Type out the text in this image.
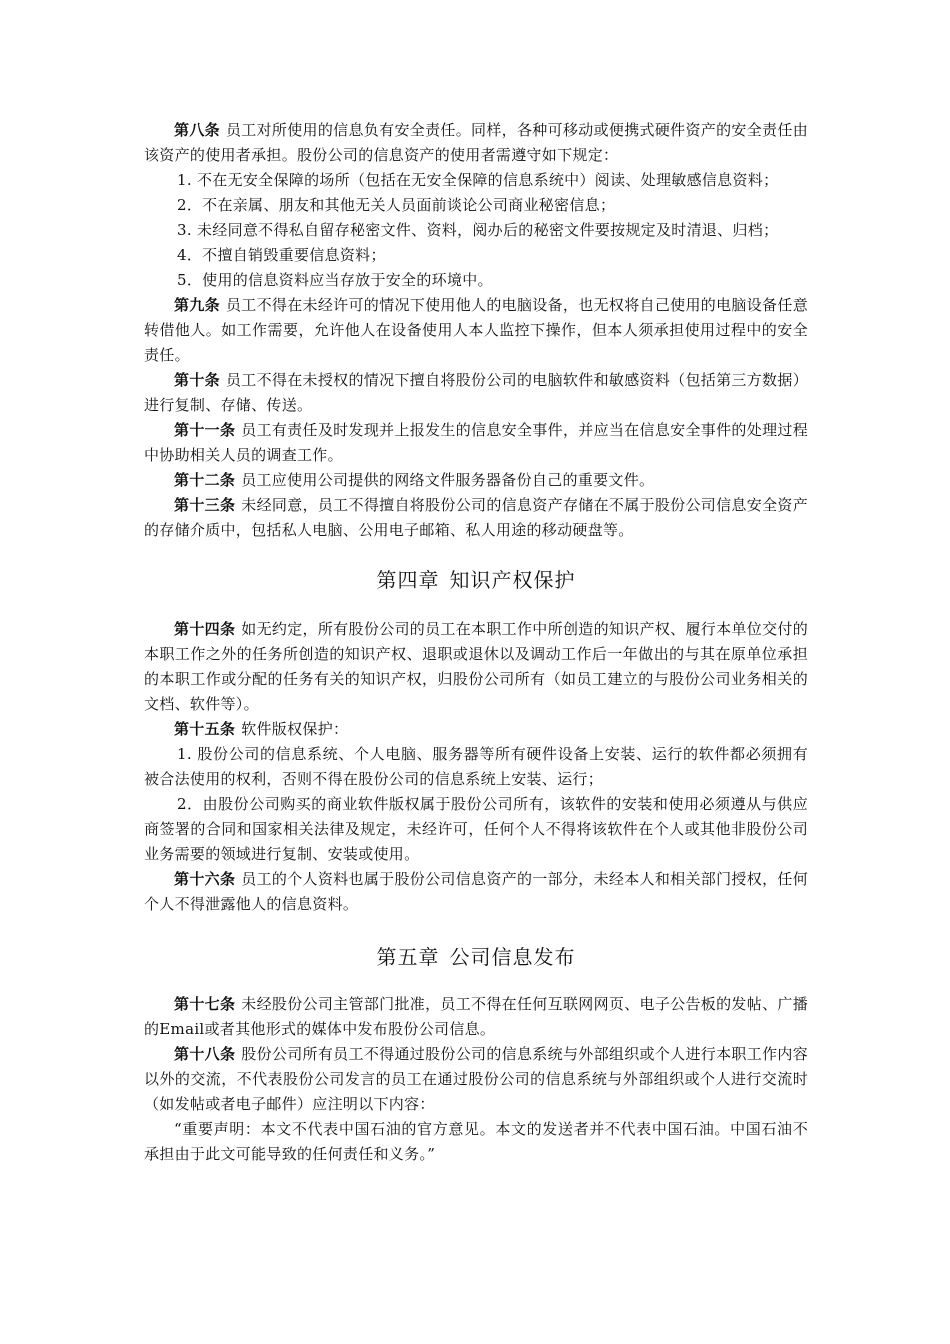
第八条 员工对所使用的信息负有安全责任。同样，各种可移动或便携式硬件资产的安全责任由该资产的使用者承担。股份公司的信息资产的使用者需遵守如下规定：

1. 不在无安全保障的场所（包括在无安全保障的信息系统中）阅读、处理敏感信息资料；

2．不在亲属、朋友和其他无关人员面前谈论公司商业秘密信息；

3. 未经同意不得私自留存秘密文件、资料，阅办后的秘密文件要按规定及时清退、归档；

4．不擅自销毁重要信息资料；

5．使用的信息资料应当存放于安全的环境中。

第九条 员工不得在未经许可的情况下使用他人的电脑设备，也无权将自己使用的电脑设备任意转借他人。如工作需要，允许他人在设备使用人本人监控下操作，但本人须承担使用过程中的安全责任。

第十条 员工不得在未授权的情况下擅自将股份公司的电脑软件和敏感资料（包括第三方数据）进行复制、存储、传送。

第十一条 员工有责任及时发现并上报发生的信息安全事件，并应当在信息安全事件的处理过程中协助相关人员的调查工作。

第十二条 员工应使用公司提供的网络文件服务器备份自己的重要文件。

第十三条 未经同意，员工不得擅自将股份公司的信息资产存储在不属于股份公司信息安全资产的存储介质中，包括私人电脑、公用电子邮箱、私人用途的移动硬盘等。

第四章 知识产权保护

第十四条 如无约定，所有股份公司的员工在本职工作中所创造的知识产权、履行本单位交付的本职工作之外的任务所创造的知识产权、退职或退休以及调动工作后一年做出的与其在原单位承担的本职工作或分配的任务有关的知识产权，归股份公司所有（如员工建立的与股份公司业务相关的文档、软件等）。

第十五条 软件版权保护：

1. 股份公司的信息系统、个人电脑、服务器等所有硬件设备上安装、运行的软件都必须拥有被合法使用的权利，否则不得在股份公司的信息系统上安装、运行；

2．由股份公司购买的商业软件版权属于股份公司所有，该软件的安装和使用必须遵从与供应商签署的合同和国家相关法律及规定，未经许可，任何个人不得将该软件在个人或其他非股份公司业务需要的领域进行复制、安装或使用。

第十六条 员工的个人资料也属于股份公司信息资产的一部分，未经本人和相关部门授权，任何个人不得泄露他人的信息资料。

第五章 公司信息发布

第十七条 未经股份公司主管部门批准，员工不得在任何互联网网页、电子公告板的发帖、广播的Email或者其他形式的媒体中发布股份公司信息。

第十八条 股份公司所有员工不得通过股份公司的信息系统与外部组织或个人进行本职工作内容以外的交流，不代表股份公司发言的员工在通过股份公司的信息系统与外部组织或个人进行交流时（如发帖或者电子邮件）应注明以下内容：

“重要声明：本文不代表中国石油的官方意见。本文的发送者并不代表中国石油。中国石油不承担由于此文可能导致的任何责任和义务。”
